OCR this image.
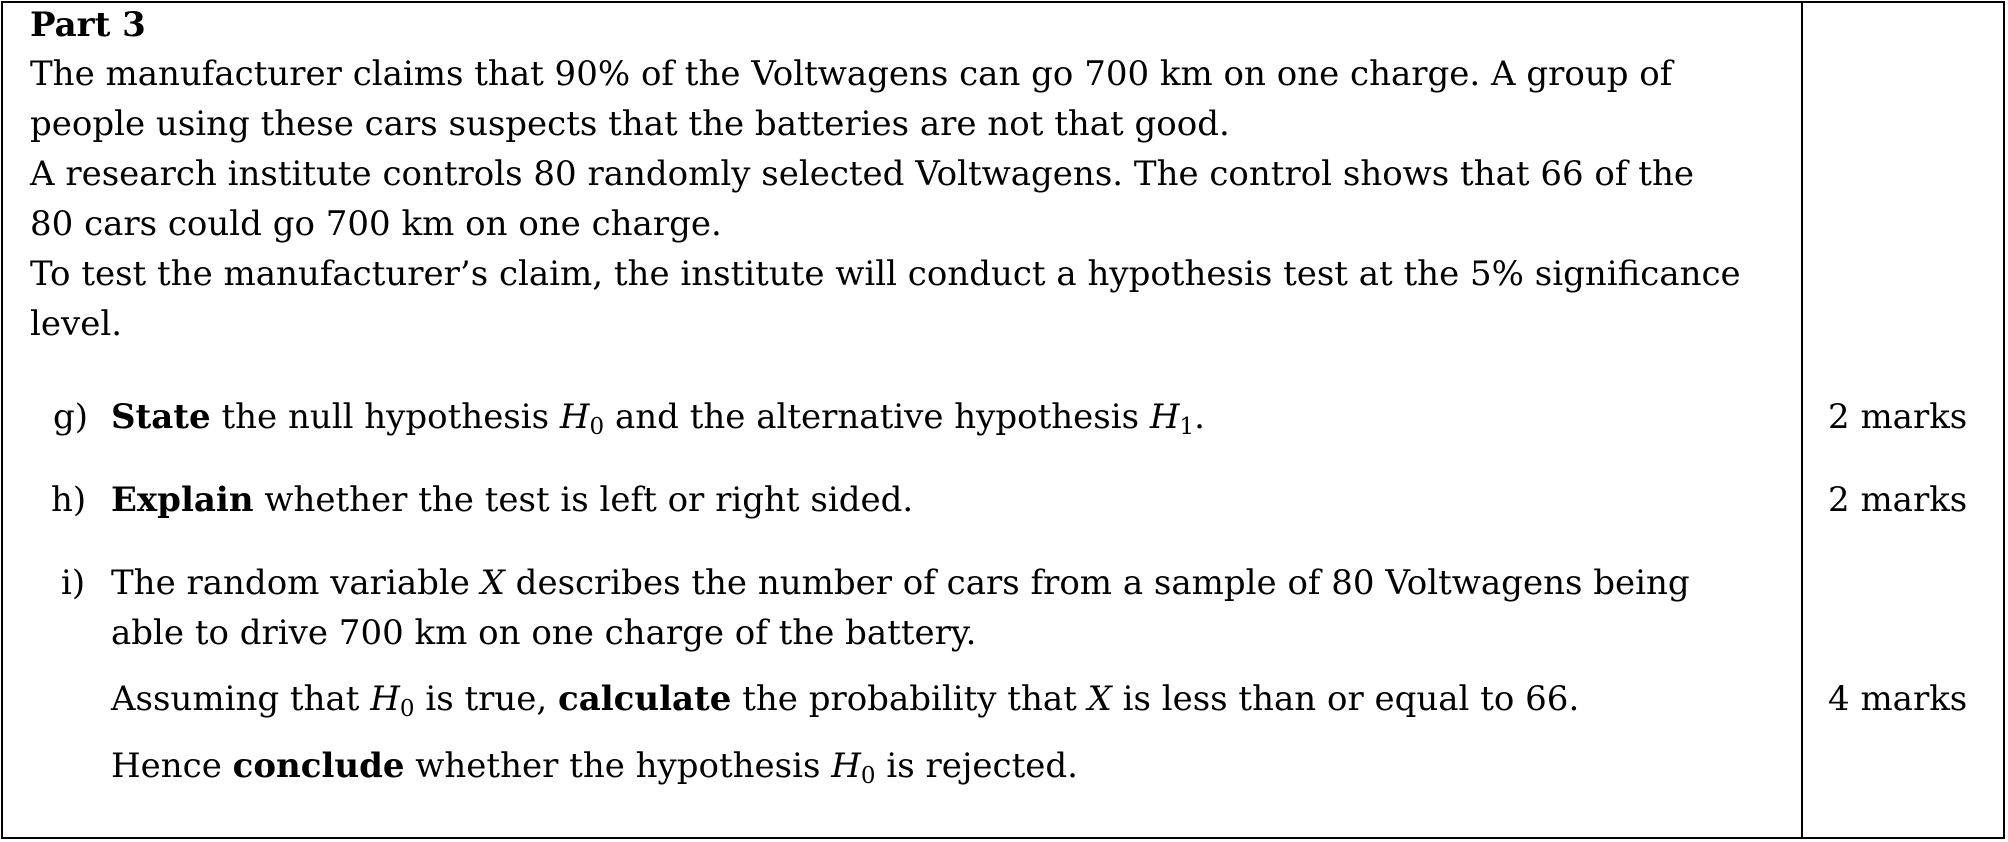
Part 3
The manufacturer claims that 90% of the Voltwagens can go 700 km on one charge. A group of
people using these cars suspects that the batteries are not that good.
A research institute controls 80 randomly selected Voltwagens. The control shows that 66 of the
80 cars could go 700 km on one charge.
To test the manufacturer’s claim, the institute will conduct a hypothesis test at the 5% significance
level.
g) State the null hypothesis $H_0$ and the alternative hypothesis $H_1$.	2 marks
h) Explain whether the test is left or right sided.	2 marks
i) The random variable X describes the number of cars from a sample of 80 Voltwagens being
able to drive 700 km on one charge of the battery.
Assuming that $H_0$ is true, calculate the probability that X is less than or equal to 66.	4 marks
Hence conclude whether the hypothesis $H_0$ is rejected.
